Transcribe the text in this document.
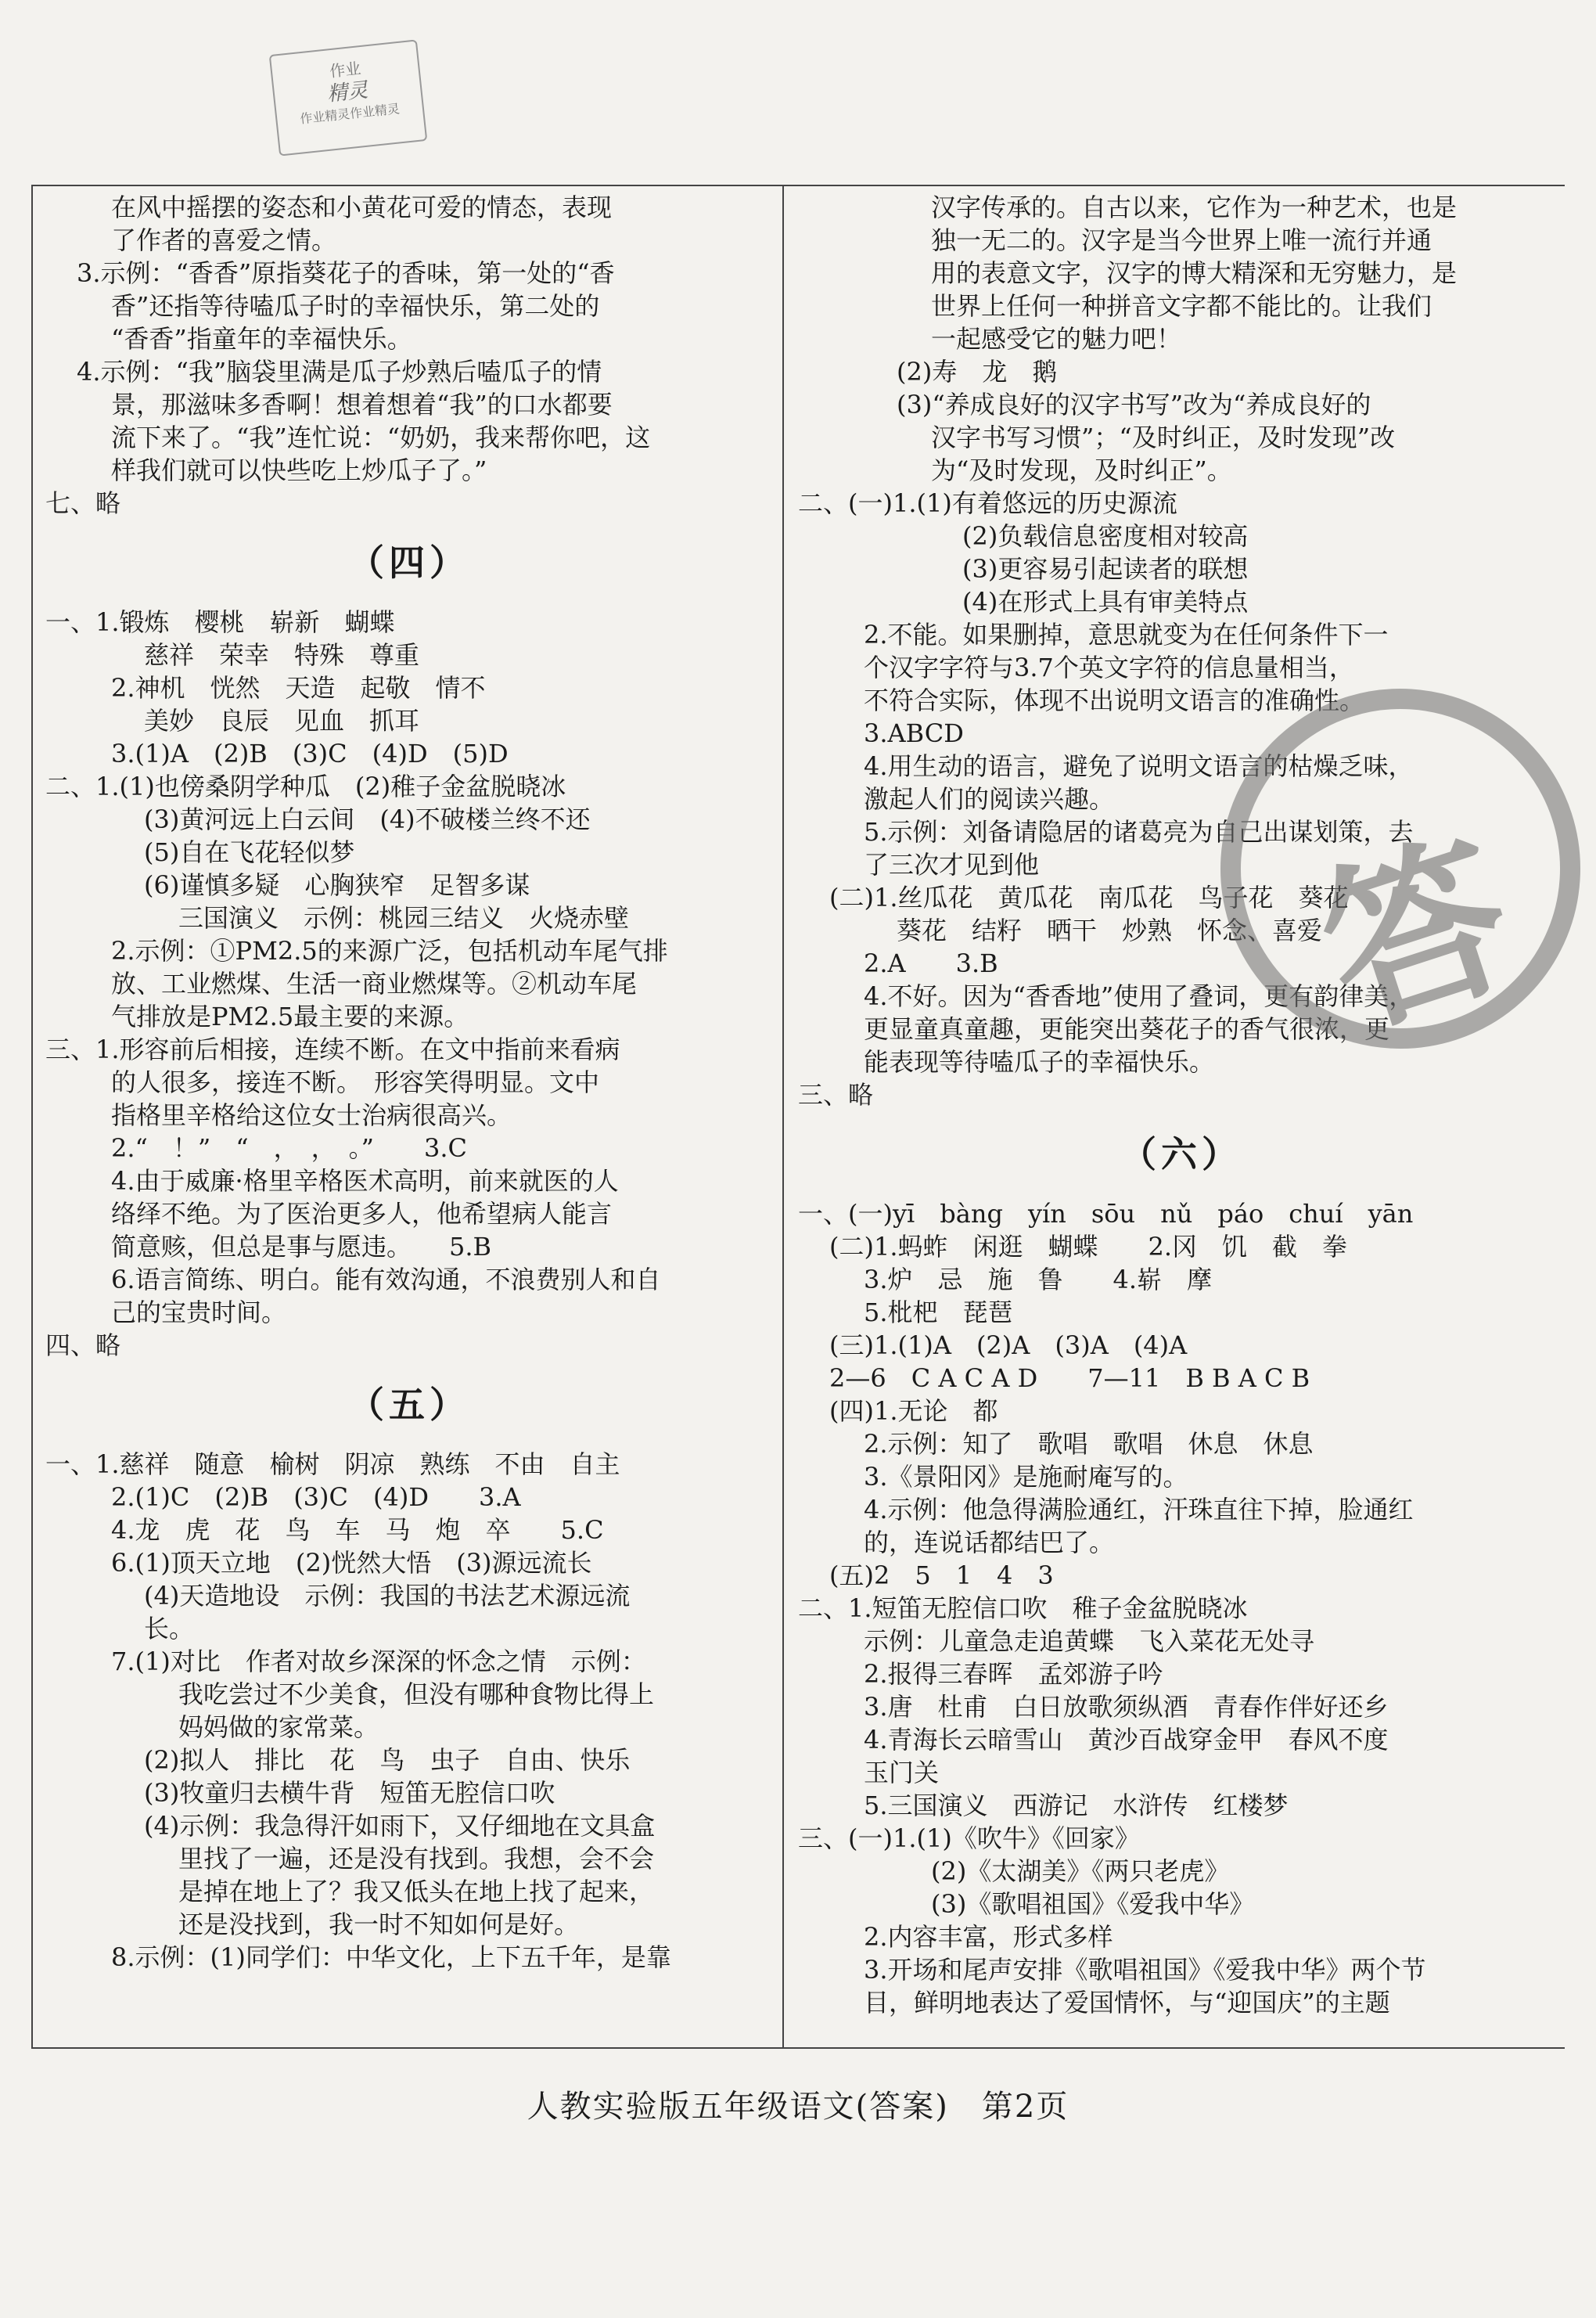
作业
精灵
作业精灵作业精灵
在风中摇摆的姿态和小黄花可爱的情态，表现
了作者的喜爱之情。
3.示例：“香香”原指葵花子的香味，第一处的“香
香”还指等待嗑瓜子时的幸福快乐，第二处的
“香香”指童年的幸福快乐。
4.示例：“我”脑袋里满是瓜子炒熟后嗑瓜子的情
景，那滋味多香啊！想着想着“我”的口水都要
流下来了。“我”连忙说：“奶奶，我来帮你吧，这
样我们就可以快些吃上炒瓜子了。”
七、略
（四）
一、1.锻炼　樱桃　崭新　蝴蝶
慈祥　荣幸　特殊　尊重
2.神机　恍然　天造　起敬　情不
美妙　良辰　见血　抓耳
3.(1)A　(2)B　(3)C　(4)D　(5)D
二、1.(1)也傍桑阴学种瓜　(2)稚子金盆脱晓冰
(3)黄河远上白云间　(4)不破楼兰终不还
(5)自在飞花轻似梦
(6)谨慎多疑　心胸狭窄　足智多谋
三国演义　示例：桃园三结义　火烧赤壁
2.示例：①PM2.5的来源广泛，包括机动车尾气排
放、工业燃煤、生活一商业燃煤等。②机动车尾
气排放是PM2.5最主要的来源。
三、1.形容前后相接，连续不断。在文中指前来看病
的人很多，接连不断。　形容笑得明显。文中
指格里辛格给这位女士治病很高兴。
2.“　！”　“　，　，　。”　　3.C
4.由于威廉·格里辛格医术高明，前来就医的人
络绎不绝。为了医治更多人，他希望病人能言
简意赅，但总是事与愿违。　　5.B
6.语言简练、明白。能有效沟通，不浪费别人和自
己的宝贵时间。
四、略
（五）
一、1.慈祥　随意　榆树　阴凉　熟练　不由　自主
2.(1)C　(2)B　(3)C　(4)D　　3.A
4.龙　虎　花　鸟　车　马　炮　卒　　5.C
6.(1)顶天立地　(2)恍然大悟　(3)源远流长
(4)天造地设　示例：我国的书法艺术源远流
长。
7.(1)对比　作者对故乡深深的怀念之情　示例：
我吃尝过不少美食，但没有哪种食物比得上
妈妈做的家常菜。
(2)拟人　排比　花　鸟　虫子　自由、快乐
(3)牧童归去横牛背　短笛无腔信口吹
(4)示例：我急得汗如雨下，又仔细地在文具盒
里找了一遍，还是没有找到。我想，会不会
是掉在地上了？我又低头在地上找了起来，
还是没找到，我一时不知如何是好。
8.示例：(1)同学们：中华文化，上下五千年，是靠
汉字传承的。自古以来，它作为一种艺术，也是
独一无二的。汉字是当今世界上唯一流行并通
用的表意文字，汉字的博大精深和无穷魅力，是
世界上任何一种拼音文字都不能比的。让我们
一起感受它的魅力吧！
(2)寿　龙　鹅
(3)“养成良好的汉字书写”改为“养成良好的
汉字书写习惯”；“及时纠正，及时发现”改
为“及时发现，及时纠正”。
二、(一)1.(1)有着悠远的历史源流
(2)负载信息密度相对较高
(3)更容易引起读者的联想
(4)在形式上具有审美特点
2.不能。如果删掉，意思就变为在任何条件下一
个汉字字符与3.7个英文字符的信息量相当，
不符合实际，体现不出说明文语言的准确性。
3.ABCD
4.用生动的语言，避免了说明文语言的枯燥乏味，
激起人们的阅读兴趣。
5.示例：刘备请隐居的诸葛亮为自己出谋划策，去
了三次才见到他
(二)1.丝瓜花　黄瓜花　南瓜花　鸟子花　葵花
葵花　结籽　晒干　炒熟　怀念、喜爱
2.A　　3.B
4.不好。因为“香香地”使用了叠词，更有韵律美，
更显童真童趣，更能突出葵花子的香气很浓，更
能表现等待嗑瓜子的幸福快乐。
三、略
（六）
一、(一)yī　bàng　yín　sōu　nǔ　páo　chuí　yān
(二)1.蚂蚱　闲逛　蝴蝶　　2.冈　饥　截　拳
3.炉　忌　施　鲁　　4.崭　摩
5.枇杷　琵琶
(三)1.(1)A　(2)A　(3)A　(4)A
2—6　C A C A D　　7—11　B B A C B
(四)1.无论　都
2.示例：知了　歌唱　歌唱　休息　休息
3.《景阳冈》是施耐庵写的。
4.示例：他急得满脸通红，汗珠直往下掉，脸通红
的，连说话都结巴了。
(五)2　5　1　4　3
二、1.短笛无腔信口吹　稚子金盆脱晓冰
示例：儿童急走追黄蝶　飞入菜花无处寻
2.报得三春晖　孟郊游子吟
3.唐　杜甫　白日放歌须纵酒　青春作伴好还乡
4.青海长云暗雪山　黄沙百战穿金甲　春风不度
玉门关
5.三国演义　西游记　水浒传　红楼梦
三、(一)1.(1)《吹牛》《回家》
(2)《太湖美》《两只老虎》
(3)《歌唱祖国》《爱我中华》
2.内容丰富，形式多样
3.开场和尾声安排《歌唱祖国》《爱我中华》两个节
目，鲜明地表达了爱国情怀，与“迎国庆”的主题
答
人教实验版五年级语文(答案)　第2页
